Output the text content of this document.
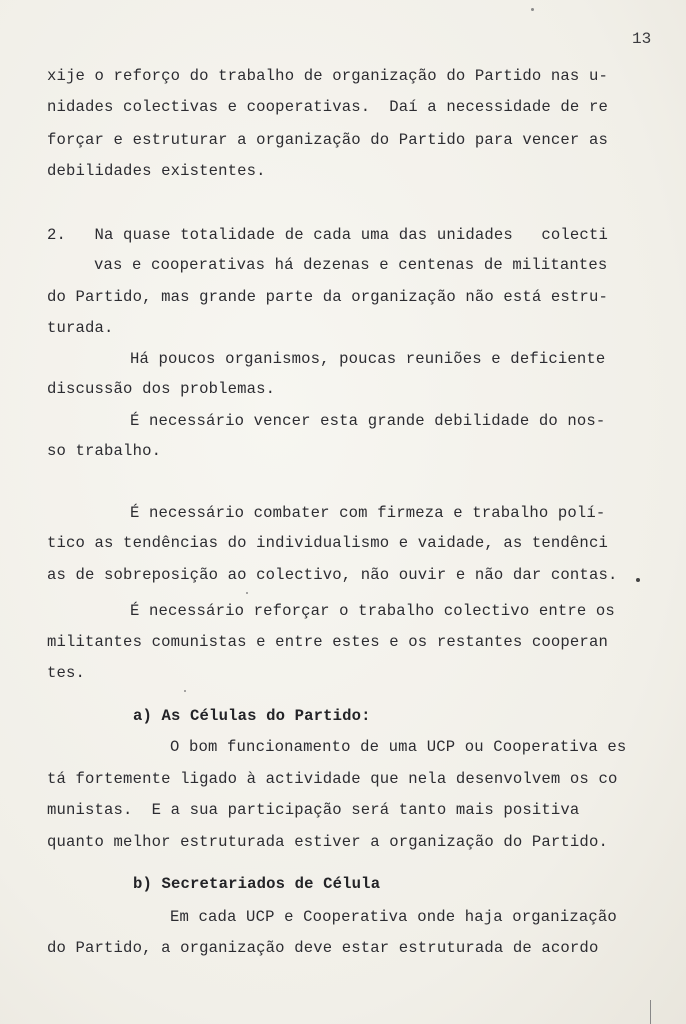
13
xije o reforço do trabalho de organização do Partido nas u-
nidades colectivas e cooperativas.  Daí a necessidade de re
forçar e estruturar a organização do Partido para vencer as
debilidades existentes.
2.   Na quase totalidade de cada uma das unidades   colecti
vas e cooperativas há dezenas e centenas de militantes
do Partido, mas grande parte da organização não está estru-
turada.
Há poucos organismos, poucas reuniões e deficiente
discussão dos problemas.
É necessário vencer esta grande debilidade do nos-
so trabalho.
É necessário combater com firmeza e trabalho polí-
tico as tendências do individualismo e vaidade, as tendênci
as de sobreposição ao colectivo, não ouvir e não dar contas.
É necessário reforçar o trabalho colectivo entre os
militantes comunistas e entre estes e os restantes cooperan
tes.
a) As Células do Partido:
O bom funcionamento de uma UCP ou Cooperativa es
tá fortemente ligado à actividade que nela desenvolvem os co
munistas.  E a sua participação será tanto mais positiva
quanto melhor estruturada estiver a organização do Partido.
b) Secretariados de Célula
Em cada UCP e Cooperativa onde haja organização
do Partido, a organização deve estar estruturada de acordo
